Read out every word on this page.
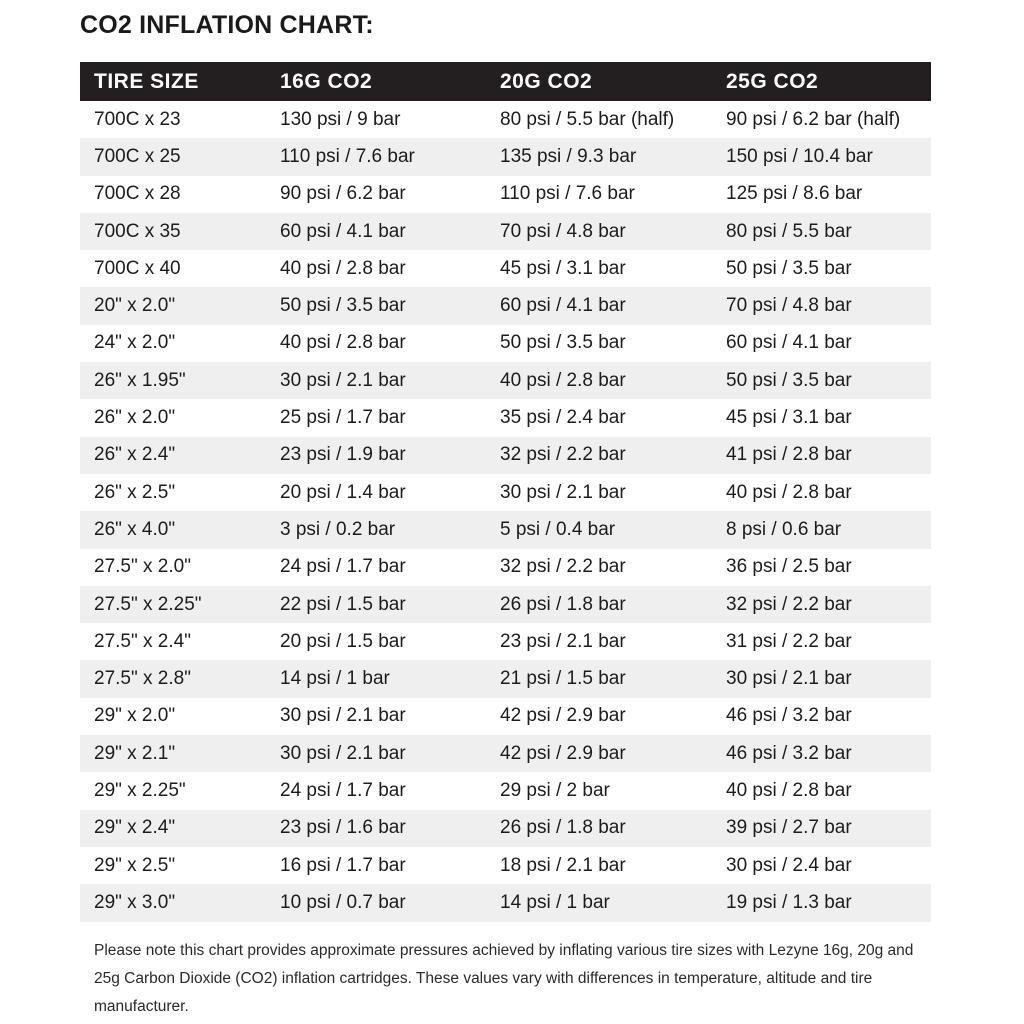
CO2 INFLATION CHART:
TIRE SIZE	16G CO2	20G CO2	25G CO2
700C x 23	130 psi / 9 bar	80 psi / 5.5 bar (half)	90 psi / 6.2 bar (half)
700C x 25	110 psi / 7.6 bar	135 psi / 9.3 bar	150 psi / 10.4 bar
700C x 28	90 psi / 6.2 bar	110 psi / 7.6 bar	125 psi / 8.6 bar
700C x 35	60 psi / 4.1 bar	70 psi / 4.8 bar	80 psi / 5.5 bar
700C x 40	40 psi / 2.8 bar	45 psi / 3.1 bar	50 psi / 3.5 bar
20" x 2.0"	50 psi / 3.5 bar	60 psi / 4.1 bar	70 psi / 4.8 bar
24" x 2.0"	40 psi / 2.8 bar	50 psi / 3.5 bar	60 psi / 4.1 bar
26" x 1.95"	30 psi / 2.1 bar	40 psi / 2.8 bar	50 psi / 3.5 bar
26" x 2.0"	25 psi / 1.7 bar	35 psi / 2.4 bar	45 psi / 3.1 bar
26" x 2.4"	23 psi / 1.9 bar	32 psi / 2.2 bar	41 psi / 2.8 bar
26" x 2.5"	20 psi / 1.4 bar	30 psi / 2.1 bar	40 psi / 2.8 bar
26" x 4.0"	3 psi / 0.2 bar	5 psi / 0.4 bar	8 psi / 0.6 bar
27.5" x 2.0"	24 psi / 1.7 bar	32 psi / 2.2 bar	36 psi / 2.5 bar
27.5" x 2.25"	22 psi / 1.5 bar	26 psi / 1.8 bar	32 psi / 2.2 bar
27.5" x 2.4"	20 psi / 1.5 bar	23 psi / 2.1 bar	31 psi / 2.2 bar
27.5" x 2.8"	14 psi / 1 bar	21 psi / 1.5 bar	30 psi / 2.1 bar
29" x 2.0"	30 psi / 2.1 bar	42 psi / 2.9 bar	46 psi / 3.2 bar
29" x 2.1"	30 psi / 2.1 bar	42 psi / 2.9 bar	46 psi / 3.2 bar
29" x 2.25"	24 psi / 1.7 bar	29 psi / 2 bar	40 psi / 2.8 bar
29" x 2.4"	23 psi / 1.6 bar	26 psi / 1.8 bar	39 psi / 2.7 bar
29" x 2.5"	16 psi / 1.7 bar	18 psi / 2.1 bar	30 psi / 2.4 bar
29" x 3.0"	10 psi / 0.7 bar	14 psi / 1 bar	19 psi / 1.3 bar
Please note this chart provides approximate pressures achieved by inflating various tire sizes with Lezyne 16g, 20g and 25g Carbon Dioxide (CO2) inflation cartridges. These values vary with differences in temperature, altitude and tire manufacturer.
